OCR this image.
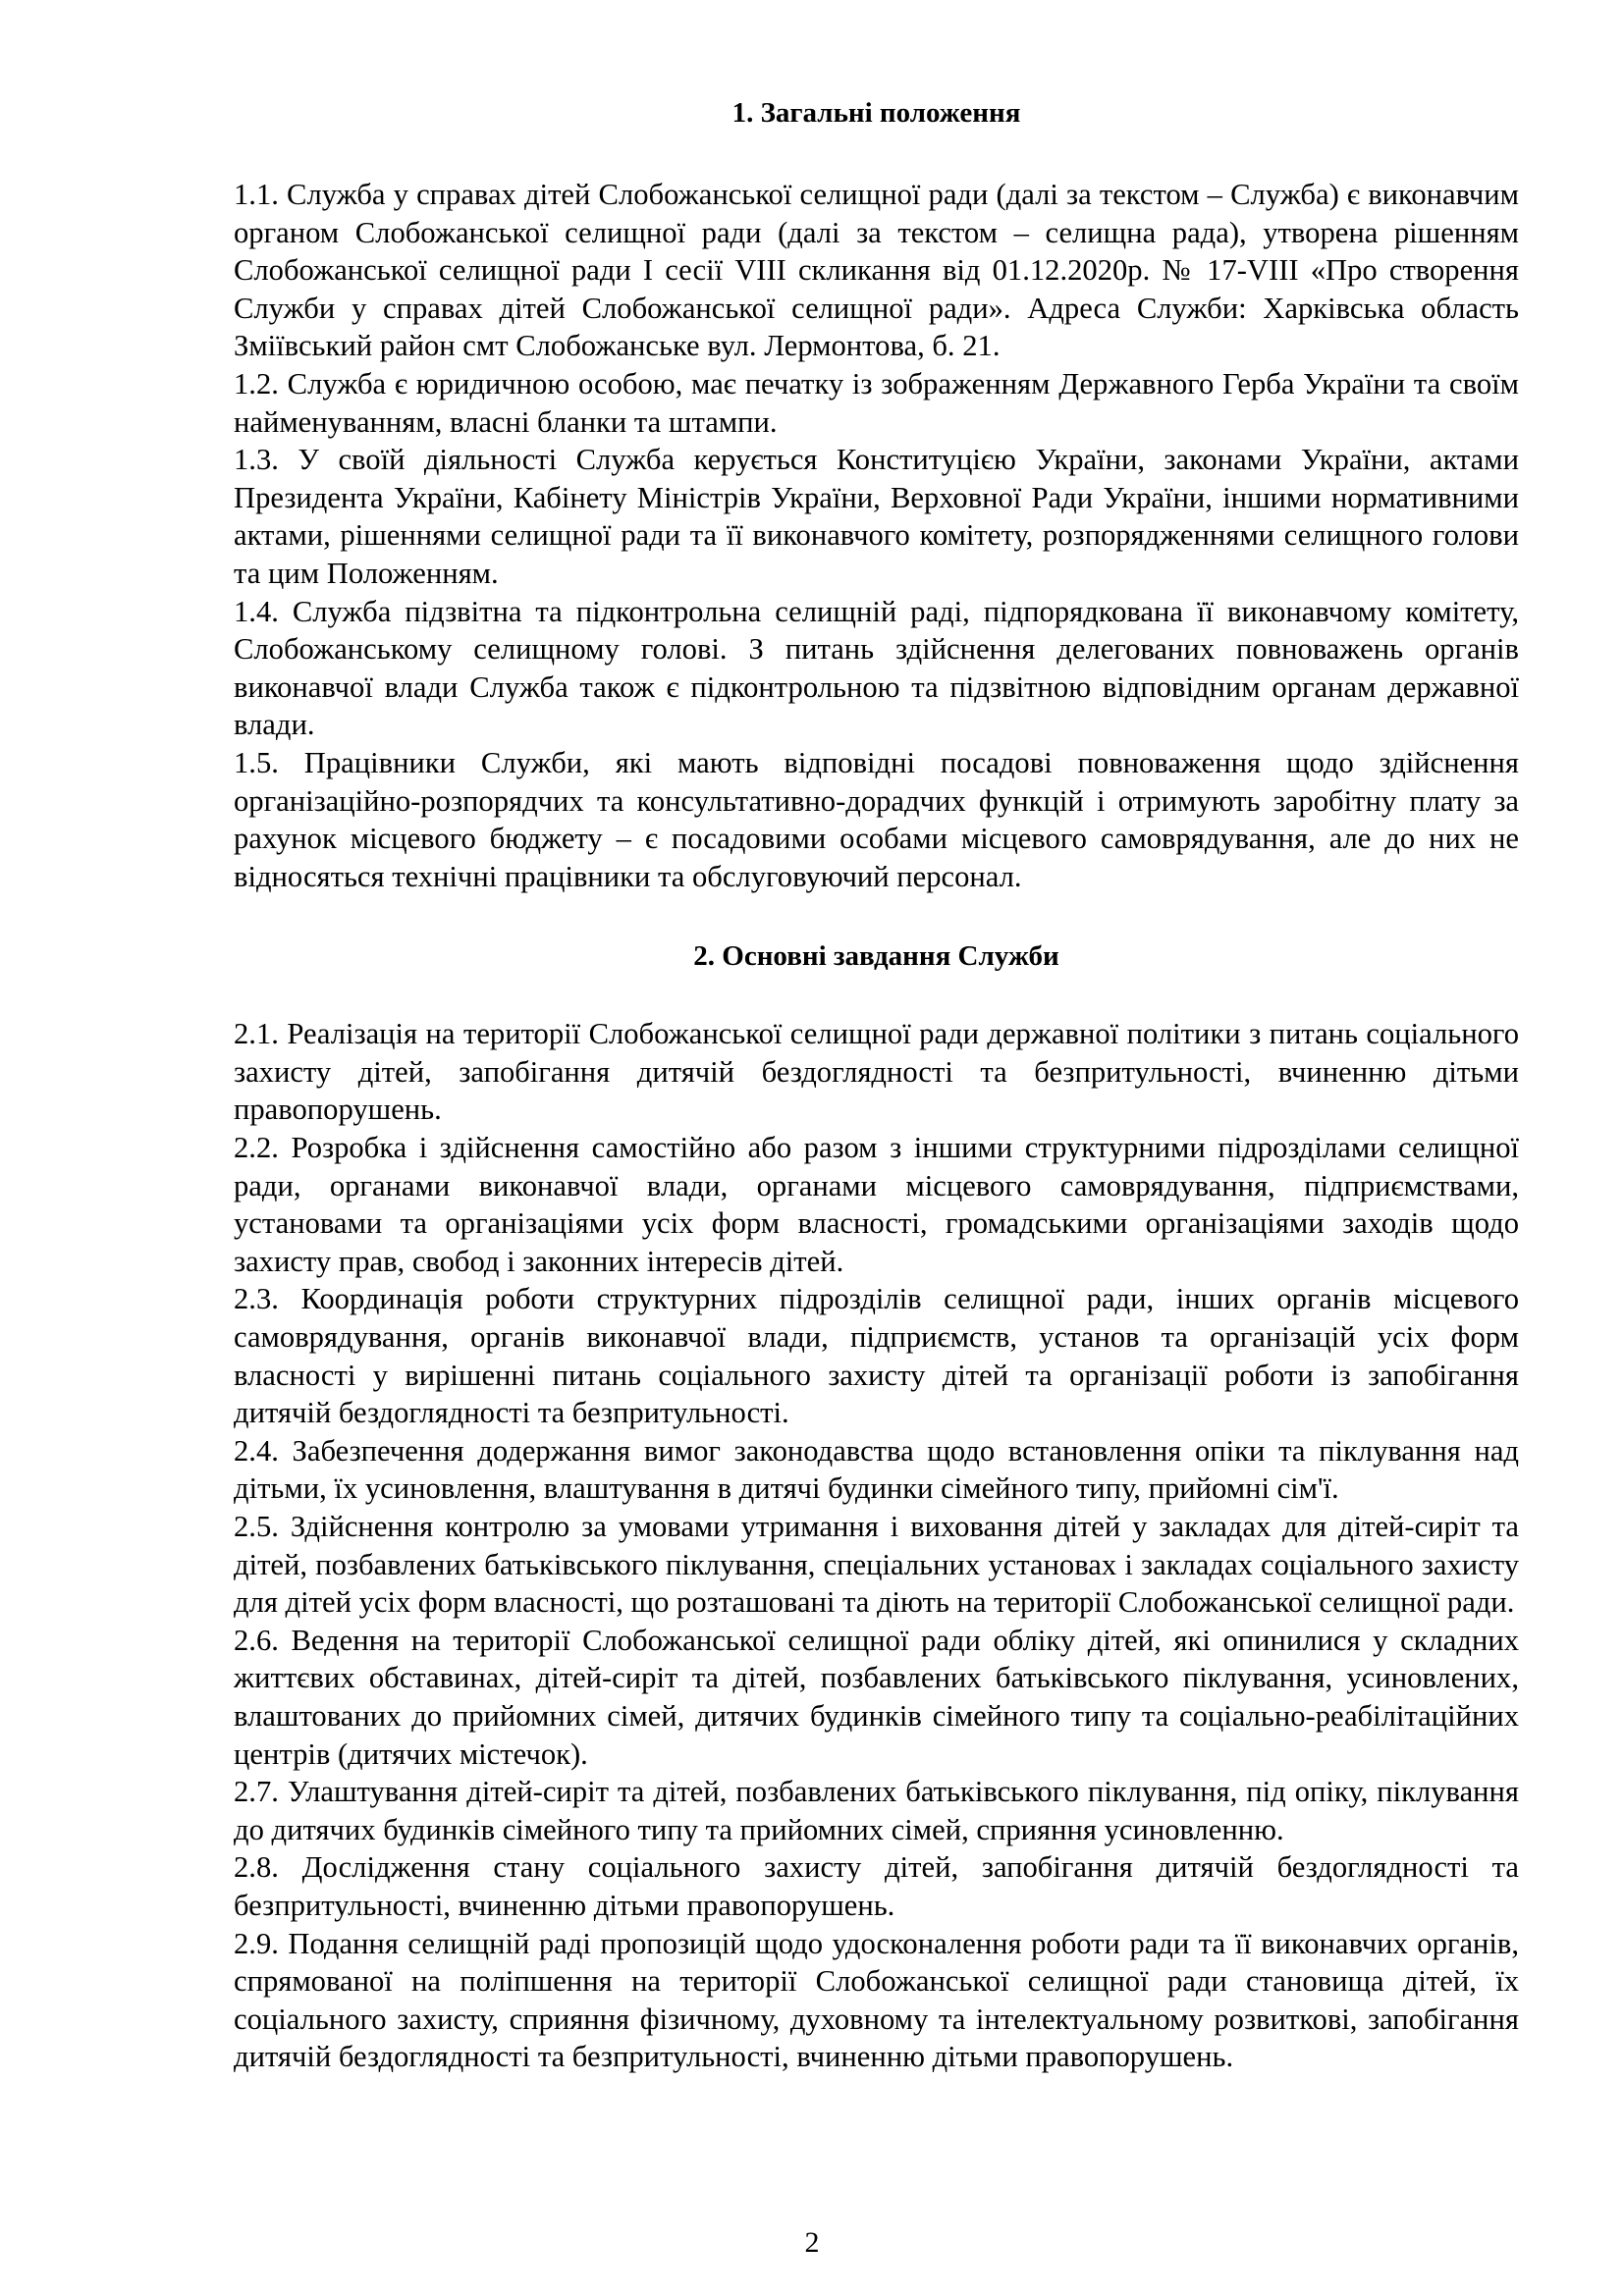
1. Загальні положення

1.1. Служба у справах дітей Слобожанської селищної ради (далі за текстом – Служба) є виконавчим органом Слобожанської селищної ради (далі за текстом – селищна рада), утворена рішенням Слобожанської селищної ради I сесії VIII скликання від 01.12.2020р. № 17-VIII «Про створення Служби у справах дітей Слобожанської селищної ради». Адреса Служби: Харківська область Зміївський район смт Слобожанське вул. Лермонтова, б. 21.

1.2. Служба є юридичною особою, має печатку із зображенням Державного Герба України та своїм найменуванням, власні бланки та штампи.

1.3. У своїй діяльності Служба керується Конституцією України, законами України, актами Президента України, Кабінету Міністрів України, Верховної Ради України, іншими нормативними актами, рішеннями селищної ради та її виконавчого комітету, розпорядженнями селищного голови та цим Положенням.

1.4. Служба підзвітна та підконтрольна селищній раді, підпорядкована її виконавчому комітету, Слобожанському селищному голові. З питань здійснення делегованих повноважень органів виконавчої влади Служба також є підконтрольною та підзвітною відповідним органам державної влади.

1.5. Працівники Служби, які мають відповідні посадові повноваження щодо здійснення організаційно-розпорядчих та консультативно-дорадчих функцій і отримують заробітну плату за рахунок місцевого бюджету – є посадовими особами місцевого самоврядування, але до них не відносяться технічні працівники та обслуговуючий персонал.

2. Основні завдання Служби

2.1. Реалізація на території Слобожанської селищної ради державної політики з питань соціального захисту дітей, запобігання дитячій бездоглядності та безпритульності, вчиненню дітьми правопорушень.

2.2. Розробка і здійснення самостійно або разом з іншими структурними підрозділами селищної ради, органами виконавчої влади, органами місцевого самоврядування, підприємствами, установами та організаціями усіх форм власності, громадськими організаціями заходів щодо захисту прав, свобод і законних інтересів дітей.

2.3. Координація роботи структурних підрозділів селищної ради, інших органів місцевого самоврядування, органів виконавчої влади, підприємств, установ та організацій усіх форм власності у вирішенні питань соціального захисту дітей та організації роботи із запобігання дитячій бездоглядності та безпритульності.

2.4. Забезпечення додержання вимог законодавства щодо встановлення опіки та піклування над дітьми, їх усиновлення, влаштування в дитячі будинки сімейного типу, прийомні сім'ї.

2.5. Здійснення контролю за умовами утримання і виховання дітей у закладах для дітей-сиріт та дітей, позбавлених батьківського піклування, спеціальних установах і закладах соціального захисту для дітей усіх форм власності, що розташовані та діють на території Слобожанської селищної ради.

2.6. Ведення на території Слобожанської селищної ради обліку дітей, які опинилися у складних життєвих обставинах, дітей-сиріт та дітей, позбавлених батьківського піклування, усиновлених, влаштованих до прийомних сімей, дитячих будинків сімейного типу та соціально-реабілітаційних центрів (дитячих містечок).

2.7. Улаштування дітей-сиріт та дітей, позбавлених батьківського піклування, під опіку, піклування до дитячих будинків сімейного типу та прийомних сімей, сприяння усиновленню.

2.8. Дослідження стану соціального захисту дітей, запобігання дитячій бездоглядності та безпритульності, вчиненню дітьми правопорушень.

2.9. Подання селищній раді пропозицій щодо удосконалення роботи ради та її виконавчих органів, спрямованої на поліпшення на території Слобожанської селищної ради становища дітей, їх соціального захисту, сприяння фізичному, духовному та інтелектуальному розвиткові, запобігання дитячій бездоглядності та безпритульності, вчиненню дітьми правопорушень.

2
